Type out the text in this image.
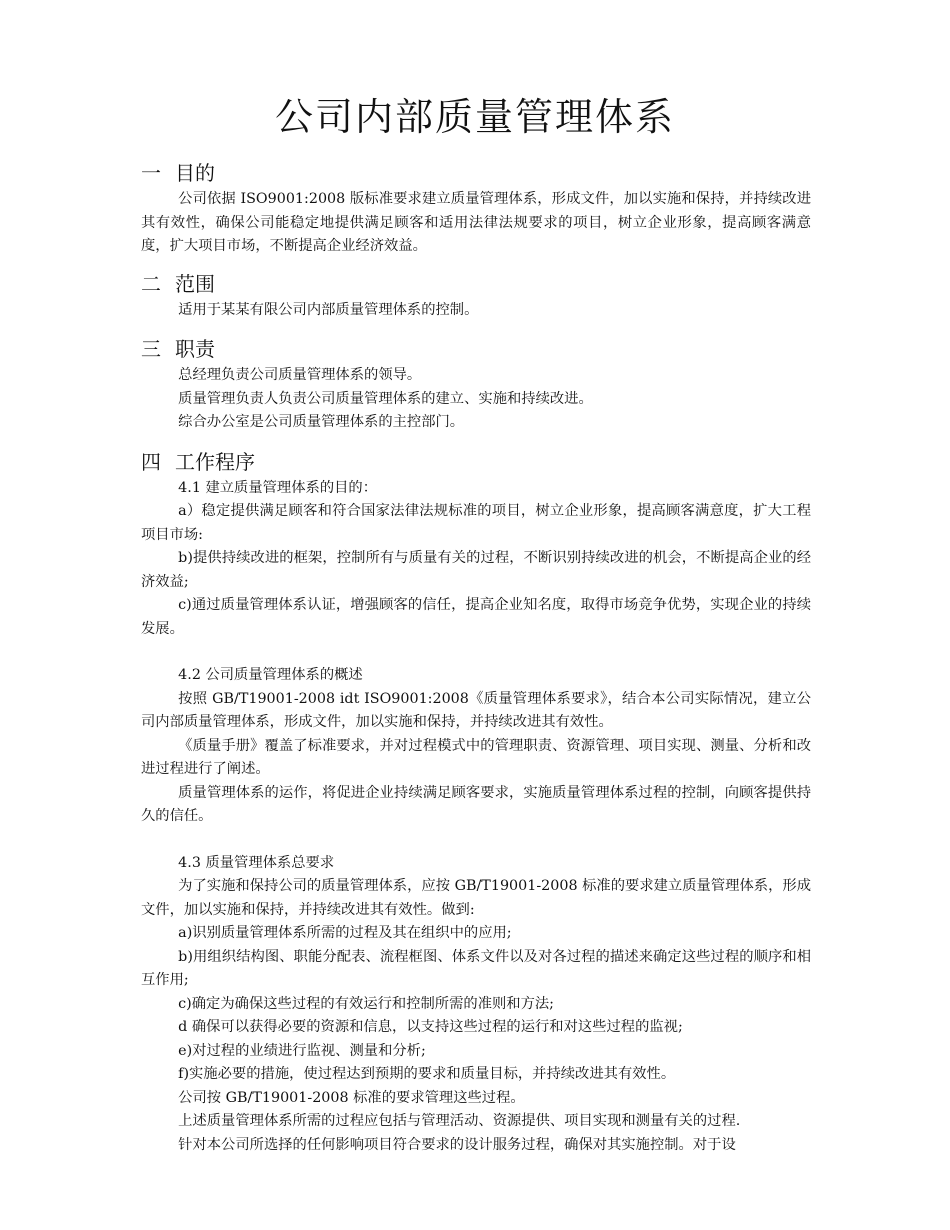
公司内部质量管理体系
一 目的

公司依据 ISO9001:2008 版标准要求建立质量管理体系，形成文件，加以实施和保持，并持续改进其有效性，确保公司能稳定地提供满足顾客和适用法律法规要求的项目，树立企业形象，提高顾客满意度，扩大项目市场，不断提高企业经济效益。

二 范围

适用于某某有限公司内部质量管理体系的控制。

三 职责

总经理负责公司质量管理体系的领导。

质量管理负责人负责公司质量管理体系的建立、实施和持续改进。

综合办公室是公司质量管理体系的主控部门。

四 工作程序

4.1 建立质量管理体系的目的：

a）稳定提供满足顾客和符合国家法律法规标准的项目，树立企业形象，提高顾客满意度，扩大工程项目市场:

b)提供持续改进的框架，控制所有与质量有关的过程，不断识别持续改进的机会，不断提高企业的经济效益;

c)通过质量管理体系认证，增强顾客的信任，提高企业知名度，取得市场竞争优势，实现企业的持续发展。

4.2 公司质量管理体系的概述

按照 GB/T19001-2008 idt ISO9001:2008《质量管理体系要求》，结合本公司实际情况，建立公司内部质量管理体系，形成文件，加以实施和保持，并持续改进其有效性。

《质量手册》覆盖了标准要求，并对过程模式中的管理职责、资源管理、项目实现、测量、分析和改进过程进行了阐述。

质量管理体系的运作，将促进企业持续满足顾客要求，实施质量管理体系过程的控制，向顾客提供持久的信任。

4.3 质量管理体系总要求

为了实施和保持公司的质量管理体系，应按 GB/T19001-2008 标准的要求建立质量管理体系，形成文件，加以实施和保持，并持续改进其有效性。做到:

a)识别质量管理体系所需的过程及其在组织中的应用;

b)用组织结构图、职能分配表、流程框图、体系文件以及对各过程的描述来确定这些过程的顺序和相互作用;

c)确定为确保这些过程的有效运行和控制所需的准则和方法;

d 确保可以获得必要的资源和信息，以支持这些过程的运行和对这些过程的监视;

e)对过程的业绩进行监视、测量和分析;

f)实施必要的措施，使过程达到预期的要求和质量目标，并持续改进其有效性。

公司按 GB/T19001-2008 标准的要求管理这些过程。

上述质量管理体系所需的过程应包括与管理活动、资源提供、项目实现和测量有关的过程.

针对本公司所选择的任何影响项目符合要求的设计服务过程，确保对其实施控制。对于设
